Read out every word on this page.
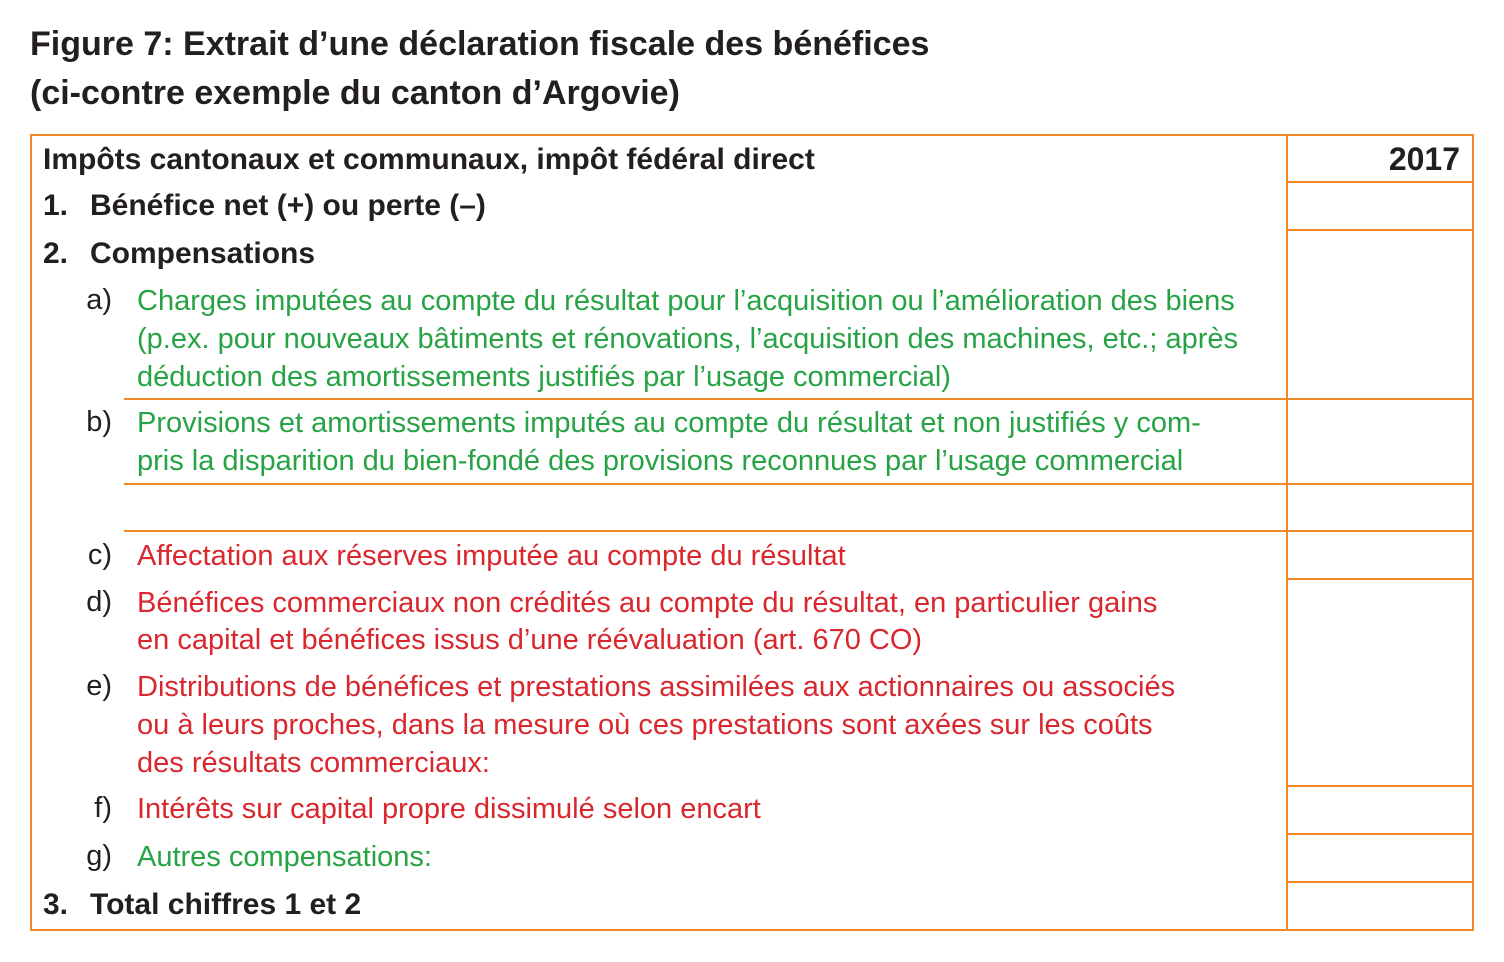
Figure 7: Extrait d’une déclaration fiscale des bénéfices
(ci-contre exemple du canton d’Argovie)
Impôts cantonaux et communaux, impôt fédéral direct	2017
1. Bénéfice net (+) ou perte (–)
2. Compensations
a) Charges imputées au compte du résultat pour l’acquisition ou l’amélioration des biens
(p.ex. pour nouveaux bâtiments et rénovations, l’acquisition des machines, etc.; après
déduction des amortissements justifiés par l’usage commercial)
b) Provisions et amortissements imputés au compte du résultat et non justifiés y com-
pris la disparition du bien-fondé des provisions reconnues par l’usage commercial
c) Affectation aux réserves imputée au compte du résultat
d) Bénéfices commerciaux non crédités au compte du résultat, en particulier gains
en capital et bénéfices issus d’une réévaluation (art. 670 CO)
e) Distributions de bénéfices et prestations assimilées aux actionnaires ou associés
ou à leurs proches, dans la mesure où ces prestations sont axées sur les coûts
des résultats commerciaux:
f) Intérêts sur capital propre dissimulé selon encart
g) Autres compensations:
3. Total chiffres 1 et 2
